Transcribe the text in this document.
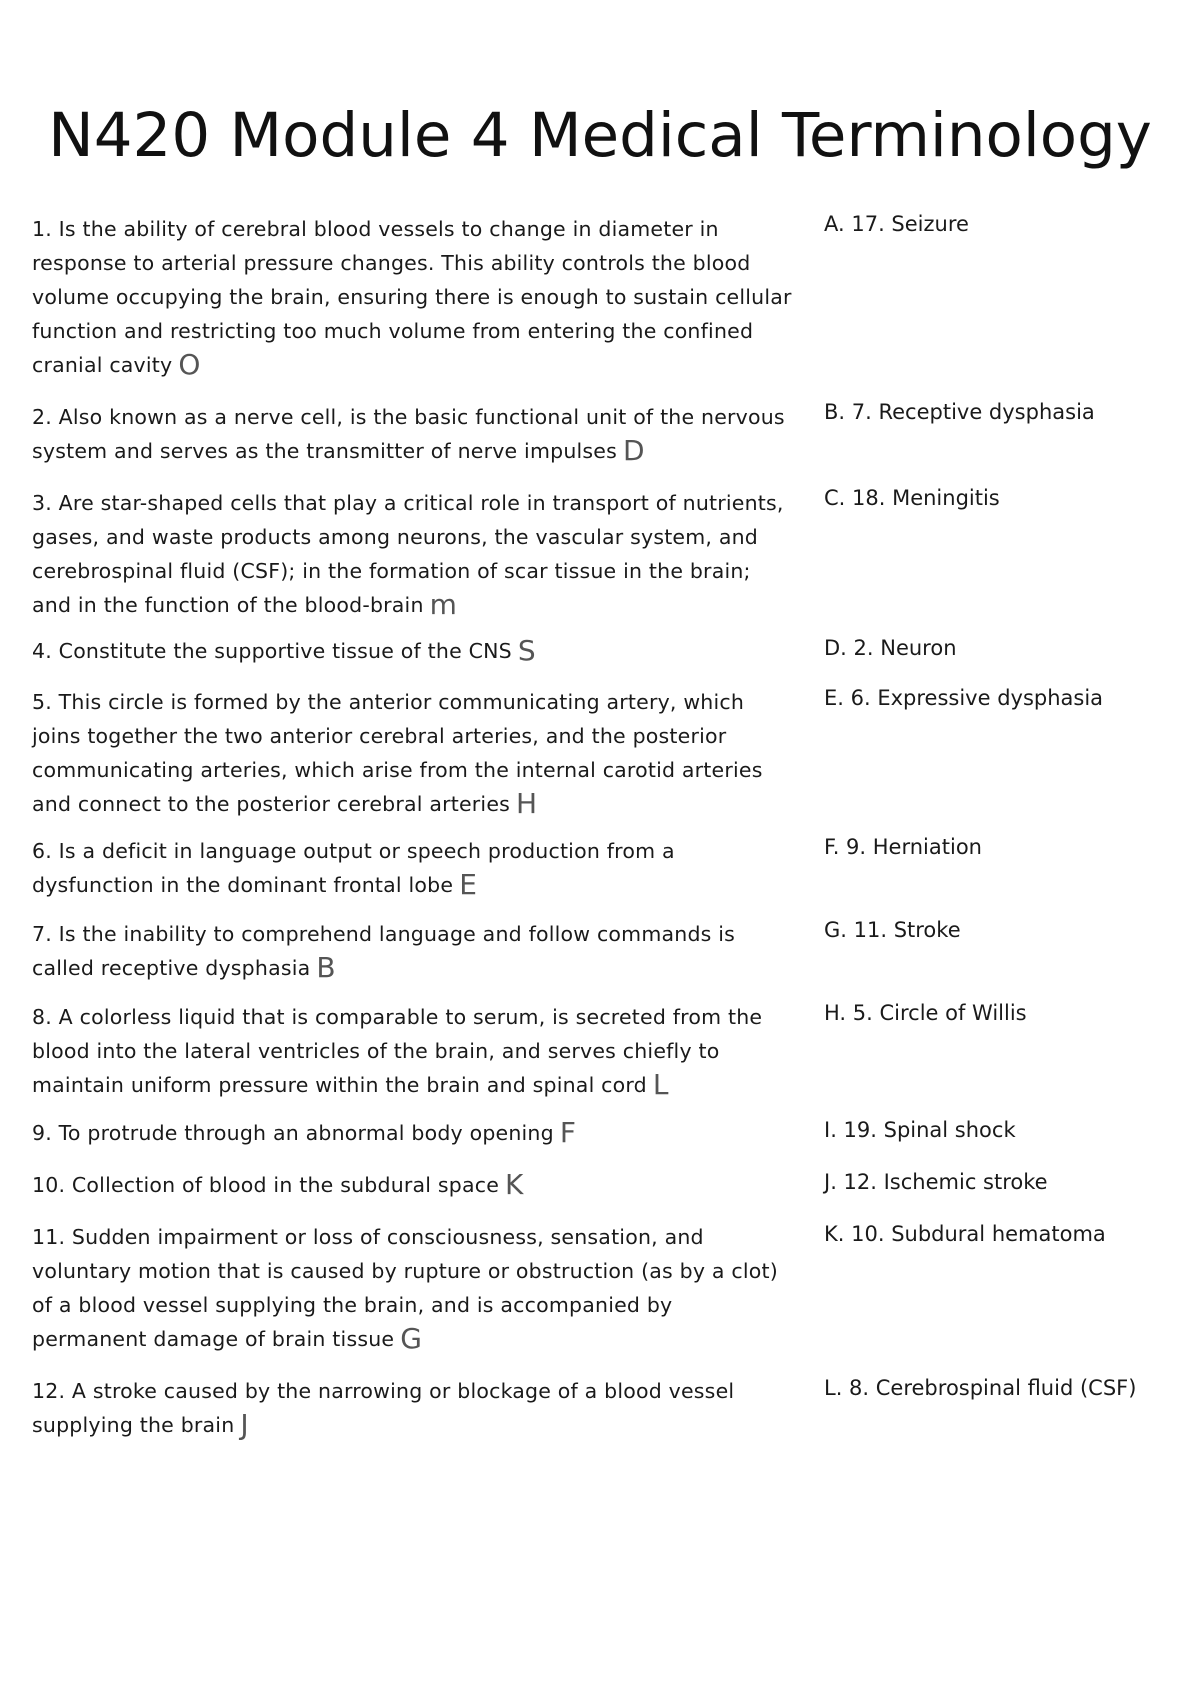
N420 Module 4 Medical Terminology
1. Is the ability of cerebral blood vessels to change in diameter in response to arterial pressure changes. This ability controls the blood volume occupying the brain, ensuring there is enough to sustain cellular function and restricting too much volume from entering the confined cranial cavity O
2. Also known as a nerve cell, is the basic functional unit of the nervous system and serves as the transmitter of nerve impulses D
3. Are star-shaped cells that play a critical role in transport of nutrients, gases, and waste products among neurons, the vascular system, and cerebrospinal fluid (CSF); in the formation of scar tissue in the brain; and in the function of the blood-brain m
4. Constitute the supportive tissue of the CNS S
5. This circle is formed by the anterior communicating artery, which joins together the two anterior cerebral arteries, and the posterior communicating arteries, which arise from the internal carotid arteries and connect to the posterior cerebral arteries H
6. Is a deficit in language output or speech production from a dysfunction in the dominant frontal lobe E
7. Is the inability to comprehend language and follow commands is called receptive dysphasia B
8. A colorless liquid that is comparable to serum, is secreted from the blood into the lateral ventricles of the brain, and serves chiefly to maintain uniform pressure within the brain and spinal cord L
9. To protrude through an abnormal body opening F
10. Collection of blood in the subdural space K
11. Sudden impairment or loss of consciousness, sensation, and voluntary motion that is caused by rupture or obstruction (as by a clot) of a blood vessel supplying the brain, and is accompanied by permanent damage of brain tissue G
12. A stroke caused by the narrowing or blockage of a blood vessel supplying the brain J
A. 17. Seizure
B. 7. Receptive dysphasia
C. 18. Meningitis
D. 2. Neuron
E. 6. Expressive dysphasia
F. 9. Herniation
G. 11. Stroke
H. 5. Circle of Willis
I. 19. Spinal shock
J. 12. Ischemic stroke
K. 10. Subdural hematoma
L. 8. Cerebrospinal fluid (CSF)
